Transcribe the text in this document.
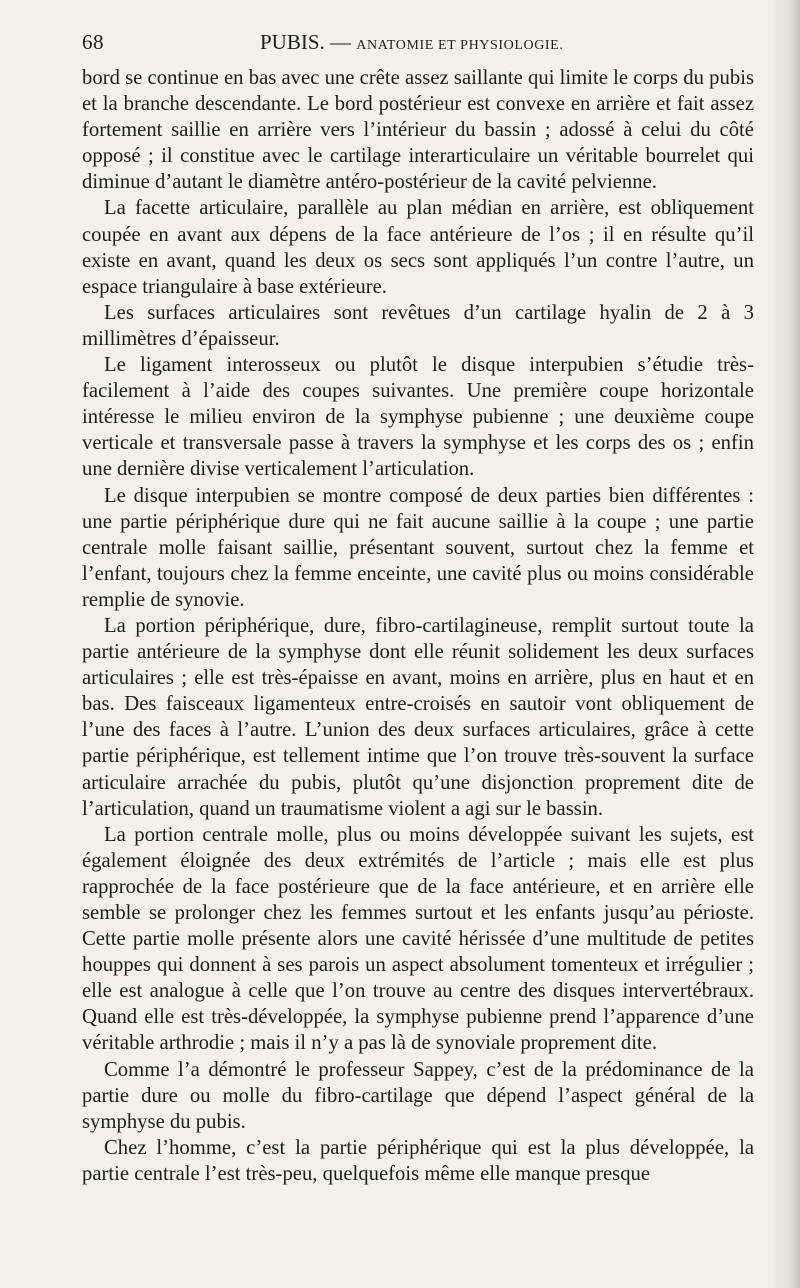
68	PUBIS. — ANATOMIE ET PHYSIOLOGIE.

bord se continue en bas avec une crête assez saillante qui limite le corps du pubis et la branche descendante. Le bord postérieur est convexe en arrière et fait assez fortement saillie en arrière vers l’intérieur du bassin ; adossé à celui du côté opposé ; il constitue avec le cartilage interarticulaire un véritable bourrelet qui diminue d’autant le diamètre antéro-postérieur de la cavité pelvienne.

La facette articulaire, parallèle au plan médian en arrière, est obliquement coupée en avant aux dépens de la face antérieure de l’os ; il en résulte qu’il existe en avant, quand les deux os secs sont appliqués l’un contre l’autre, un espace triangulaire à base extérieure.

Les surfaces articulaires sont revêtues d’un cartilage hyalin de 2 à 3 millimètres d’épaisseur.

Le ligament interosseux ou plutôt le disque interpubien s’étudie très-facilement à l’aide des coupes suivantes. Une première coupe horizontale intéresse le milieu environ de la symphyse pubienne ; une deuxième coupe verticale et transversale passe à travers la symphyse et les corps des os ; enfin une dernière divise verticalement l’articulation.

Le disque interpubien se montre composé de deux parties bien différentes : une partie périphérique dure qui ne fait aucune saillie à la coupe ; une partie centrale molle faisant saillie, présentant souvent, surtout chez la femme et l’enfant, toujours chez la femme enceinte, une cavité plus ou moins considérable remplie de synovie.

La portion périphérique, dure, fibro-cartilagineuse, remplit surtout toute la partie antérieure de la symphyse dont elle réunit solidement les deux surfaces articulaires ; elle est très-épaisse en avant, moins en arrière, plus en haut et en bas. Des faisceaux ligamenteux entre-croisés en sautoir vont obliquement de l’une des faces à l’autre. L’union des deux surfaces articulaires, grâce à cette partie périphérique, est tellement intime que l’on trouve très-souvent la surface articulaire arrachée du pubis, plutôt qu’une disjonction proprement dite de l’articulation, quand un traumatisme violent a agi sur le bassin.

La portion centrale molle, plus ou moins développée suivant les sujets, est également éloignée des deux extrémités de l’article ; mais elle est plus rapprochée de la face postérieure que de la face antérieure, et en arrière elle semble se prolonger chez les femmes surtout et les enfants jusqu’au périoste. Cette partie molle présente alors une cavité hérissée d’une multitude de petites houppes qui donnent à ses parois un aspect absolument tomenteux et irrégulier ; elle est analogue à celle que l’on trouve au centre des disques intervertébraux. Quand elle est très-développée, la symphyse pubienne prend l’apparence d’une véritable arthrodie ; mais il n’y a pas là de synoviale proprement dite.

Comme l’a démontré le professeur Sappey, c’est de la prédominance de la partie dure ou molle du fibro-cartilage que dépend l’aspect général de la symphyse du pubis.

Chez l’homme, c’est la partie périphérique qui est la plus développée, la partie centrale l’est très-peu, quelquefois même elle manque presque
